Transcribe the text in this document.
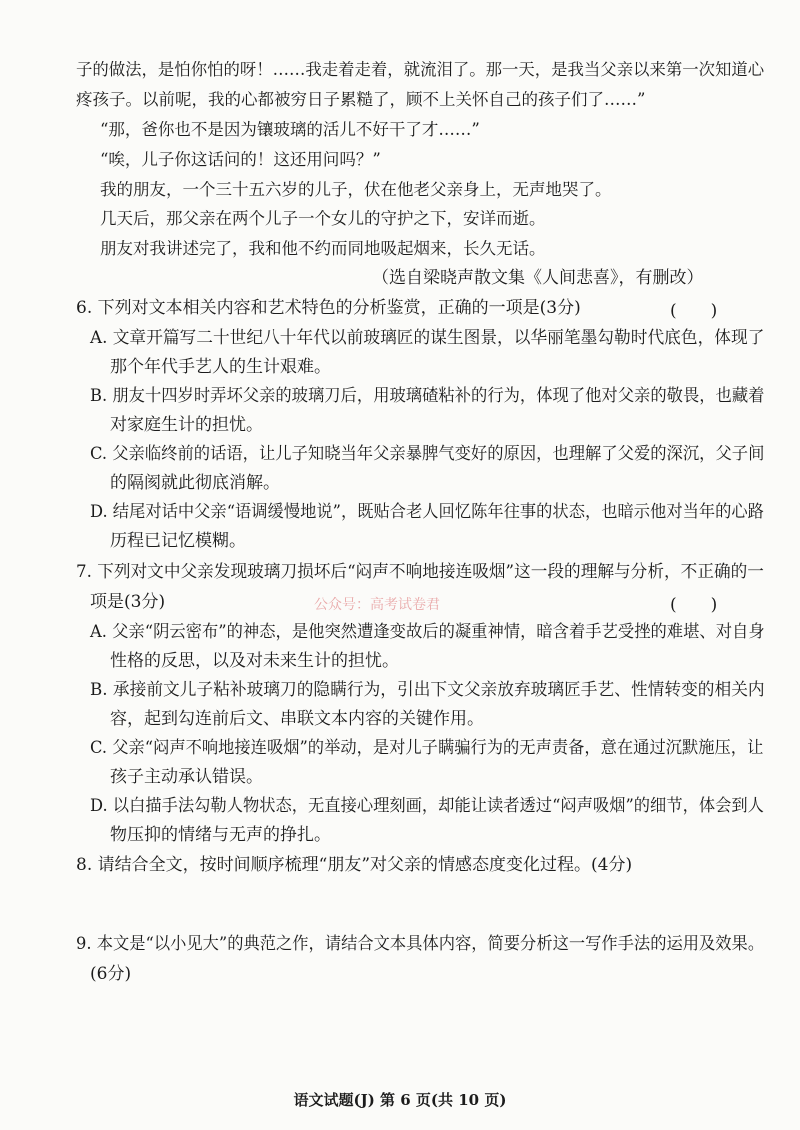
子的做法，是怕你怕的呀！……我走着走着，就流泪了。那一天，是我当父亲以来第一次知道心
疼孩子。以前呢，我的心都被穷日子累糙了，顾不上关怀自己的孩子们了……”
“那，爸你也不是因为镶玻璃的活儿不好干了才……”
“唉，儿子你这话问的！这还用问吗？”
我的朋友，一个三十五六岁的儿子，伏在他老父亲身上，无声地哭了。
几天后，那父亲在两个儿子一个女儿的守护之下，安详而逝。
朋友对我讲述完了，我和他不约而同地吸起烟来，长久无话。
（选自梁晓声散文集《人间悲喜》，有删改）
6. 下列对文本相关内容和艺术特色的分析鉴赏，正确的一项是(3分)	(　　)
A. 文章开篇写二十世纪八十年代以前玻璃匠的谋生图景，以华丽笔墨勾勒时代底色，体现了
那个年代手艺人的生计艰难。
B. 朋友十四岁时弄坏父亲的玻璃刀后，用玻璃碴粘补的行为，体现了他对父亲的敬畏，也藏着
对家庭生计的担忧。
C. 父亲临终前的话语，让儿子知晓当年父亲暴脾气变好的原因，也理解了父爱的深沉，父子间
的隔阂就此彻底消解。
D. 结尾对话中父亲“语调缓慢地说”，既贴合老人回忆陈年往事的状态，也暗示他对当年的心路
历程已记忆模糊。
7. 下列对文中父亲发现玻璃刀损坏后“闷声不响地接连吸烟”这一段的理解与分析，不正确的一
项是(3分)	公众号：高考试卷君	(　　)
A. 父亲“阴云密布”的神态，是他突然遭逢变故后的凝重神情，暗含着手艺受挫的难堪、对自身
性格的反思，以及对未来生计的担忧。
B. 承接前文儿子粘补玻璃刀的隐瞒行为，引出下文父亲放弃玻璃匠手艺、性情转变的相关内
容，起到勾连前后文、串联文本内容的关键作用。
C. 父亲“闷声不响地接连吸烟”的举动，是对儿子瞒骗行为的无声责备，意在通过沉默施压，让
孩子主动承认错误。
D. 以白描手法勾勒人物状态，无直接心理刻画，却能让读者透过“闷声吸烟”的细节，体会到人
物压抑的情绪与无声的挣扎。
8. 请结合全文，按时间顺序梳理“朋友”对父亲的情感态度变化过程。(4分)
9. 本文是“以小见大”的典范之作，请结合文本具体内容，简要分析这一写作手法的运用及效果。
(6分)
语文试题(J) 第 6 页(共 10 页)
